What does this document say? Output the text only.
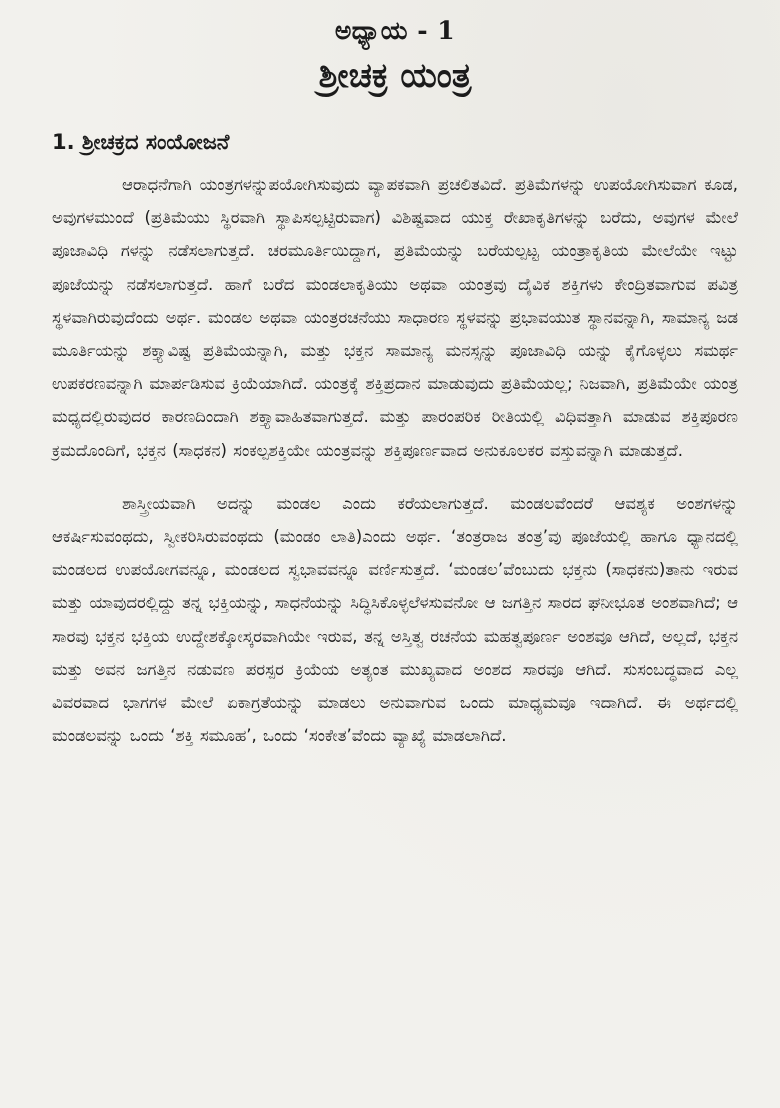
ಅಧ್ಯಾಯ - 1
ಶ್ರೀಚಕ್ರ ಯಂತ್ರ
1. ಶ್ರೀಚಕ್ರದ ಸಂಯೋಜನೆ

ಆರಾಧನೆಗಾಗಿ ಯಂತ್ರಗಳನ್ನುಪಯೋಗಿಸುವುದು ವ್ಯಾಪಕವಾಗಿ ಪ್ರಚಲಿತವಿದೆ. ಪ್ರತಿಮೆಗಳನ್ನು ಉಪಯೋಗಿಸುವಾಗ ಕೂಡ, ಅವುಗಳಮುಂದೆ (ಪ್ರತಿಮೆಯು ಸ್ಥಿರವಾಗಿ ಸ್ಥಾಪಿಸಲ್ಪಟ್ಟಿರುವಾಗ) ವಿಶಿಷ್ಟವಾದ ಯುಕ್ತ ರೇಖಾಕೃತಿಗಳನ್ನು ಬರೆದು, ಅವುಗಳ ಮೇಲೆ ಪೂಜಾವಿಧಿ ಗಳನ್ನು ನಡೆಸಲಾಗುತ್ತದೆ. ಚರಮೂರ್ತಿಯಿದ್ದಾಗ, ಪ್ರತಿಮೆಯನ್ನು ಬರೆಯಲ್ಪಟ್ಟ ಯಂತ್ರಾಕೃತಿಯ ಮೇಲೆಯೇ ಇಟ್ಟು ಪೂಜೆಯನ್ನು ನಡೆಸಲಾಗುತ್ತದೆ. ಹಾಗೆ ಬರೆದ ಮಂಡಲಾಕೃತಿಯು ಅಥವಾ ಯಂತ್ರವು ದೈವಿಕ ಶಕ್ತಿಗಳು ಕೇಂದ್ರಿತವಾಗುವ ಪವಿತ್ರ ಸ್ಥಳವಾಗಿರುವುದೆಂದು ಅರ್ಥ. ಮಂಡಲ ಅಥವಾ ಯಂತ್ರರಚನೆಯು ಸಾಧಾರಣ ಸ್ಥಳವನ್ನು ಪ್ರಭಾವಯುತ ಸ್ಥಾನವನ್ನಾಗಿ, ಸಾಮಾನ್ಯ ಜಡ ಮೂರ್ತಿಯನ್ನು ಶಕ್ತ್ಯಾವಿಷ್ಟ ಪ್ರತಿಮೆಯನ್ನಾಗಿ, ಮತ್ತು ಭಕ್ತನ ಸಾಮಾನ್ಯ ಮನಸ್ಸನ್ನು ಪೂಜಾವಿಧಿ ಯನ್ನು ಕೈಗೊಳ್ಳಲು ಸಮರ್ಥ ಉಪಕರಣವನ್ನಾಗಿ ಮಾರ್ಪಡಿಸುವ ಕ್ರಿಯೆಯಾಗಿದೆ. ಯಂತ್ರಕ್ಕೆ ಶಕ್ತಿಪ್ರದಾನ ಮಾಡುವುದು ಪ್ರತಿಮೆಯಲ್ಲ; ನಿಜವಾಗಿ, ಪ್ರತಿಮೆಯೇ ಯಂತ್ರ ಮಧ್ಯದಲ್ಲಿರುವುದರ ಕಾರಣದಿಂದಾಗಿ ಶಕ್ತ್ಯಾವಾಹಿತವಾಗುತ್ತದೆ. ಮತ್ತು ಪಾರಂಪರಿಕ ರೀತಿಯಲ್ಲಿ ವಿಧಿವತ್ತಾಗಿ ಮಾಡುವ ಶಕ್ತಿಪೂರಣ ಕ್ರಮದೊಂದಿಗೆ, ಭಕ್ತನ (ಸಾಧಕನ) ಸಂಕಲ್ಪಶಕ್ತಿಯೇ ಯಂತ್ರವನ್ನು ಶಕ್ತಿಪೂರ್ಣವಾದ ಅನುಕೂಲಕರ ವಸ್ತುವನ್ನಾಗಿ ಮಾಡುತ್ತದೆ.

ಶಾಸ್ತ್ರೀಯವಾಗಿ ಅದನ್ನು ಮಂಡಲ ಎಂದು ಕರೆಯಲಾಗುತ್ತದೆ. ಮಂಡಲವೆಂದರೆ ಆವಶ್ಯಕ ಅಂಶಗಳನ್ನು ಆಕರ್ಷಿಸುವಂಥದು, ಸ್ವೀಕರಿಸಿರುವಂಥದು (ಮಂಡಂ ಲಾತಿ)ಎಂದು ಅರ್ಥ. ‘ತಂತ್ರರಾಜ ತಂತ್ರ’ವು ಪೂಜೆಯಲ್ಲಿ ಹಾಗೂ ಧ್ಯಾನದಲ್ಲಿ ಮಂಡಲದ ಉಪಯೋಗವನ್ನೂ, ಮಂಡಲದ ಸ್ವಭಾವವನ್ನೂ ವರ್ಣಿಸುತ್ತದೆ. ‘ಮಂಡಲ’ವೆಂಬುದು ಭಕ್ತನು (ಸಾಧಕನು)ತಾನು ಇರುವ ಮತ್ತು ಯಾವುದರಲ್ಲಿದ್ದು ತನ್ನ ಭಕ್ತಿಯನ್ನು, ಸಾಧನೆಯನ್ನು ಸಿದ್ಧಿಸಿಕೊಳ್ಳಲೆಳಸುವನೋ ಆ ಜಗತ್ತಿನ ಸಾರದ ಘನೀಭೂತ ಅಂಶವಾಗಿದೆ; ಆ ಸಾರವು ಭಕ್ತನ ಭಕ್ತಿಯ ಉದ್ದೇಶಕ್ಕೋಸ್ಕರವಾಗಿಯೇ ಇರುವ, ತನ್ನ ಅಸ್ತಿತ್ವ ರಚನೆಯ ಮಹತ್ವಪೂರ್ಣ ಅಂಶವೂ ಆಗಿದೆ, ಅಲ್ಲದೆ, ಭಕ್ತನ ಮತ್ತು ಅವನ ಜಗತ್ತಿನ ನಡುವಣ ಪರಸ್ಪರ ಕ್ರಿಯೆಯ ಅತ್ಯಂತ ಮುಖ್ಯವಾದ ಅಂಶದ ಸಾರವೂ ಆಗಿದೆ. ಸುಸಂಬದ್ಧವಾದ ಎಲ್ಲ ವಿವರವಾದ ಭಾಗಗಳ ಮೇಲೆ ಏಕಾಗ್ರತೆಯನ್ನು ಮಾಡಲು ಅನುವಾಗುವ ಒಂದು ಮಾಧ್ಯಮವೂ ಇದಾಗಿದೆ. ಈ ಅರ್ಥದಲ್ಲಿ ಮಂಡಲವನ್ನು ಒಂದು ‘ಶಕ್ತಿ ಸಮೂಹ’, ಒಂದು ‘ಸಂಕೇತ’ವೆಂದು ವ್ಯಾಖ್ಯೆ ಮಾಡಲಾಗಿದೆ.
